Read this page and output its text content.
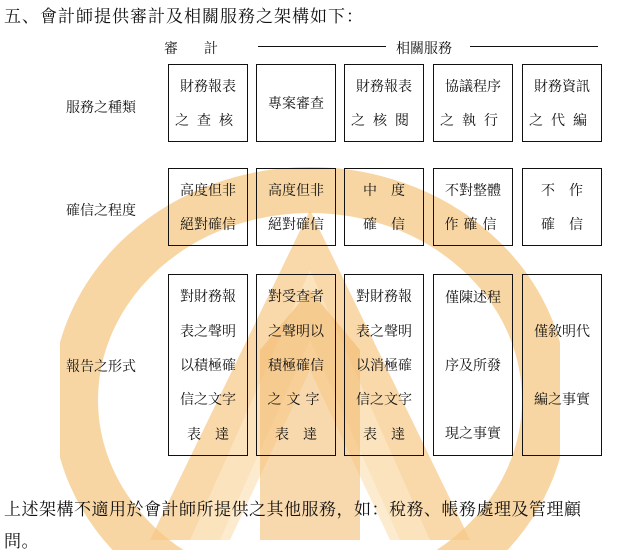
五、會計師提供審計及相關服務之架構如下：
審計	相關服務
服務之種類
確信之程度
報告之形式
財務報表
之查核
專案審查
財務報表
之核閱
協議程序
之執行
財務資訊
之代編
高度但非
絕對確信
高度但非
絕對確信
中　度
確　信
不對整體
作確信
不　作
確　信
對財務報
表之聲明
以積極確
信之文字
表　達
對受查者
之聲明以
積極確信
之文字
表　達
對財務報
表之聲明
以消極確
信之文字
表　達
僅陳述程
序及所發
現之事實
僅敘明代
編之事實
上述架構不適用於會計師所提供之其他服務，如：稅務、帳務處理及管理顧問。
